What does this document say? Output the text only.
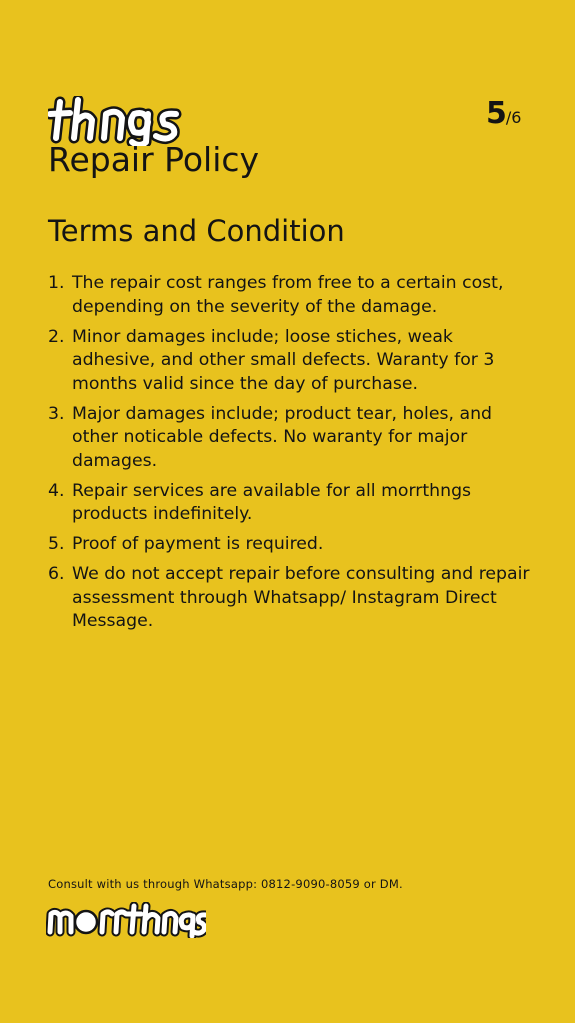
5/6
Repair Policy
Terms and Condition
1. The repair cost ranges from free to a certain cost, depending on the severity of the damage.
2. Minor damages include; loose stiches, weak adhesive, and other small defects. Waranty for 3 months valid since the day of purchase.
3. Major damages include; product tear, holes, and other noticable defects. No waranty for major damages.
4. Repair services are available for all morrthngs products indefinitely.
5. Proof of payment is required.
6. We do not accept repair before consulting and repair assessment through Whatsapp/ Instagram Direct Message.
Consult with us through Whatsapp: 0812-9090-8059 or DM.
